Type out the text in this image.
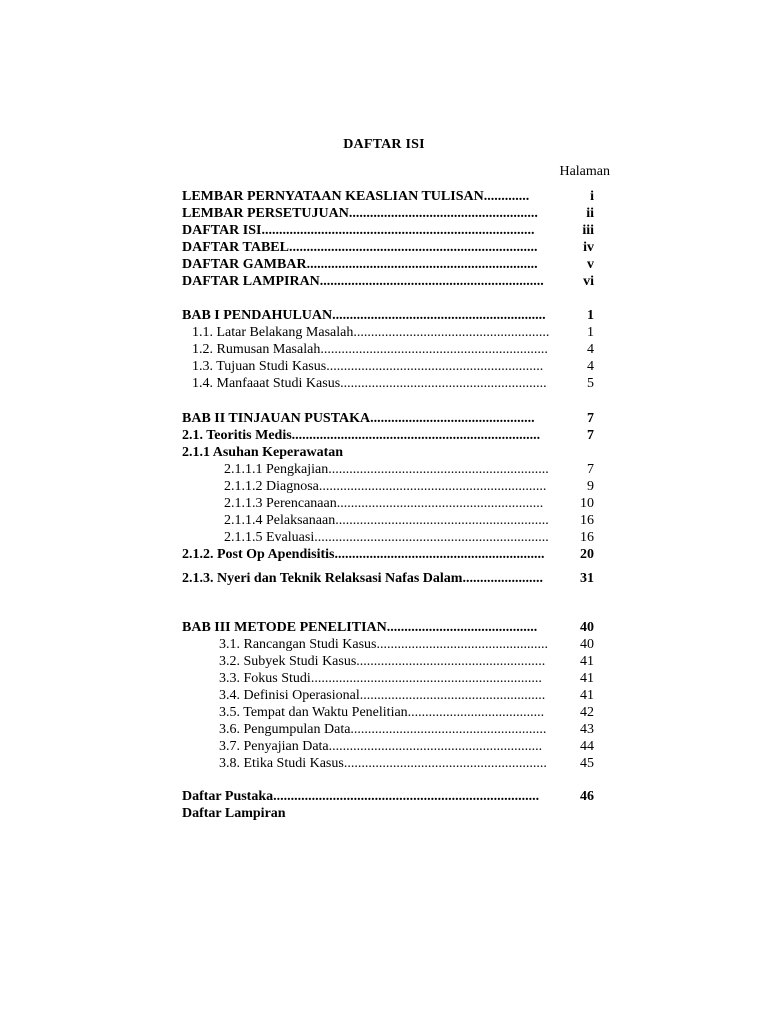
DAFTAR ISI
Halaman
LEMBAR PERNYATAAN KEASLIAN TULISAN .............	i
LEMBAR PERSETUJUAN ......................................................	ii
DAFTAR ISI ..............................................................................	iii
DAFTAR TABEL .......................................................................	iv
DAFTAR GAMBAR ..................................................................	v
DAFTAR LAMPIRAN ................................................................	vi
BAB I PENDAHULUAN .............................................................	1
1.1. Latar Belakang Masalah ........................................................	1
1.2. Rumusan Masalah .................................................................	4
1.3. Tujuan Studi Kasus ..............................................................	4
1.4. Manfaaat Studi Kasus ...........................................................	5
BAB II TINJAUAN PUSTAKA ...............................................	7
2.1. Teoritis Medis .......................................................................	7
2.1.1 Asuhan Keperawatan
2.1.1.1 Pengkajian ...............................................................	7
2.1.1.2 Diagnosa. ................................................................	9
2.1.1.3 Perencanaan. ..........................................................	10
2.1.1.4 Pelaksanaan. ............................................................	16
2.1.1.5 Evaluasi. ..................................................................	16
2.1.2. Post Op Apendisitis ............................................................	20
2.1.3. Nyeri dan Teknik Relaksasi Nafas Dalam .......................	31
BAB III METODE PENELITIAN ...........................................	40
3.1. Rancangan Studi Kasus .................................................	40
3.2. Subyek Studi Kasus ......................................................	41
3.3. Fokus Studi ..................................................................	41
3.4. Definisi Operasional .....................................................	41
3.5. Tempat dan Waktu Penelitian .......................................	42
3.6. Pengumpulan Data ........................................................	43
3.7. Penyajian Data .............................................................	44
3.8. Etika Studi Kasus ..........................................................	45
Daftar Pustaka ............................................................................	46
Daftar Lampiran
